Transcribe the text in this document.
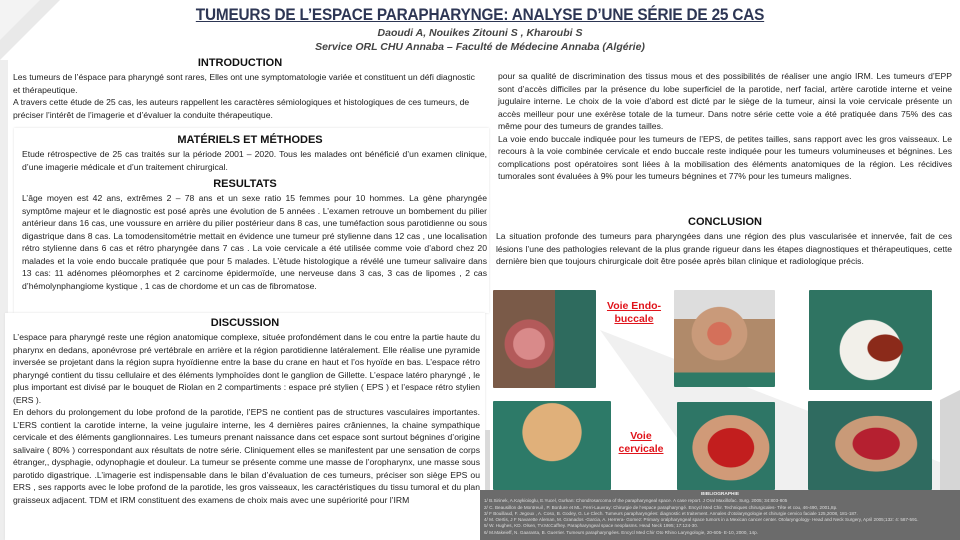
TUMEURS DE L’ESPACE PARAPHARYNGE: ANALYSE D’UNE SÉRIE DE 25 CAS
Daoudi A, Nouikes Zitouni S , Kharoubi S
Service ORL CHU Annaba – Faculté de Médecine Annaba (Algérie)
INTRODUCTION
Les tumeurs de l’éspace para pharyngé sont rares, Elles ont une symptomatologie variée et constituent un défi diagnostic et thérapeutique.
A travers cette étude de 25 cas, les auteurs rappellent les caractères sémiologiques et histologiques de ces tumeurs, de préciser l’intérêt de l’imagerie et d’évaluer la conduite thérapeutique.
MATÉRIELS ET MÉTHODES
Etude rétrospective de 25 cas traités sur la période 2001 – 2020. Tous les malades ont bénéficié d’un examen clinique, d’une imagerie médicale et d’un traitement chirurgical.
RESULTATS
L’âge moyen est 42 ans, extrêmes 2 – 78 ans et un sexe ratio 15 femmes pour 10 hommes. La gène pharyngée symptôme majeur et le diagnostic est posé après une évolution de 5 années . L’examen retrouve un bombement du pilier antérieur dans 16 cas, une voussure en arrière du pilier postérieur dans 8 cas, une tuméfaction sous parotidienne ou sous digastrique dans 8 cas. La tomodensitométrie mettait en évidence une tumeur pré stylienne dans 12 cas , une localisation rétro stylienne dans 6 cas et rétro pharyngée dans 7 cas . La voie cervicale a été utilisée comme voie d’abord chez 20 malades et la voie endo buccale pratiquée que pour 5 malades. L’ètude histologique a révélé une tumeur salivaire dans 13 cas: 11 adénomes pléomorphes et 2 carcinome épidermoïde, une nerveuse dans 3 cas, 3 cas de lipomes , 2 cas d’hémolynphangiome kystique , 1 cas de chordome et un cas de fibromatose.
DISCUSSION
L’espace para pharyngé reste une région anatomique complexe, située profondément dans le cou entre la partie haute du pharynx en dedans, aponévrose pré vertébrale en arrière et la région parotidienne latéralement. Elle réalise une pyramide inversée se projetant dans la région supra hyoïdienne entre la base du crane en haut et l’os hyoïde en bas. L’espace rétro pharyngé contient du tissu cellulaire et des éléments lymphoïdes dont le ganglion de Gillette. L’espace latéro pharyngé , le plus important est divisé par le bouquet de Riolan en 2 compartiments : espace pré stylien ( EPS ) et l’espace rétro stylien (ERS ).
En dehors du prolongement du lobe profond de la parotide, l’EPS ne contient pas de structures vasculaires importantes. L’ERS contient la carotide interne, la veine jugulaire interne, les 4 dernières paires crâniennes, la chaine sympathique cervicale et des éléments ganglionnaires. Les tumeurs prenant naissance dans cet espace sont surtout bégnines d’origine salivaire ( 80% ) correspondant aux résultats de notre série. Cliniquement elles se manifestent par une sensation de corps étranger,, dysphagie, odynophagie et douleur. La tumeur se présente comme une masse de l’oropharynx, une masse sous parotido digastrique. .L’imagerie est indispensable dans le bilan d’évaluation de ces tumeurs, préciser son siège EPS ou ERS , ses rapports avec le lobe profond de la parotide, les gros vaisseaux, les caractéristiques du tissu tumoral et du plan graisseux adjacent. TDM et IRM constituent des examens de choix mais avec une supériorité pour l’IRM
pour sa qualité de discrimination des tissus mous et des possibilités de réaliser une angio IRM. Les tumeurs d’EPP sont d’accès difficiles par la présence du lobe superficiel de la parotide, nerf facial, artère carotide interne et veine jugulaire interne. Le choix de la voie d’abord est dicté par le siège de la tumeur, ainsi la voie cervicale présente un accès meilleur pour une exérèse totale de la tumeur. Dans notre série cette voie a été pratiquée dans 75% des cas même pour des tumeurs de grandes tailles.
La voie endo buccale indiquée pour les tumeurs de l’EPS, de petites tailles, sans rapport avec les gros vaisseaux. Le recours à la voie combinée cervicale et endo buccale reste indiquée pour les tumeurs volumineuses et bégnines. Les complications post opératoires sont liées à la mobilisation des éléments anatomiques de la région. Les récidives tumorales sont évaluées à 9% pour les tumeurs bégnines et 77% pour les tumeurs malignes.
CONCLUSION
La situation profonde des tumeurs para pharyngées dans une région des plus vascularisée et innervée, fait de ces lésions l’une des pathologies relevant de la plus grande rigueur dans les étapes diagnostiques et thérapeutiques, cette dernière bien que toujours chirurgicale doit être posée après bilan clinique et radiologique précis.
Voie Endo-buccale
Voie cervicale
BIBLIOGRAPHIE
1/ B.Sirinek, A.Kaykioioglu, E.Yucel, Gurkan: Chondrosarcoma of the parapharyngeal space. A case report. J Oral Maxillofac. Surg. 2005; 34:803-805
2/ C. Beausillon de Montreuil , P. Bordure et ML. Ferri-Lauvray: Chirurgie de l’espace parapharyngé. Encycl Med Chir. Techniques chirurgicales- Tête et cou, 46-490, 2001,8p.
3/ F Bouillaud, F. Jegoux , A. Coso, B. Godey, G. Le Clech. Tumeurs parapharyngées: diagnostic et traitement. Annales d’otolaryngologie et chirurgie cervico faciale 125,2008, 181-187.
4/ M. Oertis, J F Navarette Aleman, M. Granados -Garcia, A. Herrera- Gomez: Primary oralpharyngeal space tumors in a Mexican cancer center. Otolaryngology- Head and Neck Surgery, April 2005;132: 4: 587-591.
5/ W. Hughes, KD. Olsen, TV.McCaffrey. Parapharyngeal space neoplasms. Head Neck 1995; 17:124-30.
6/ M.Makeieff, N. Gaaranta, B. Guerrier. Tumeurs parapharyngées. Encycl Med Chir Oto Rhino Laryngologie, 20-605- E-10, 2000, 14p.
